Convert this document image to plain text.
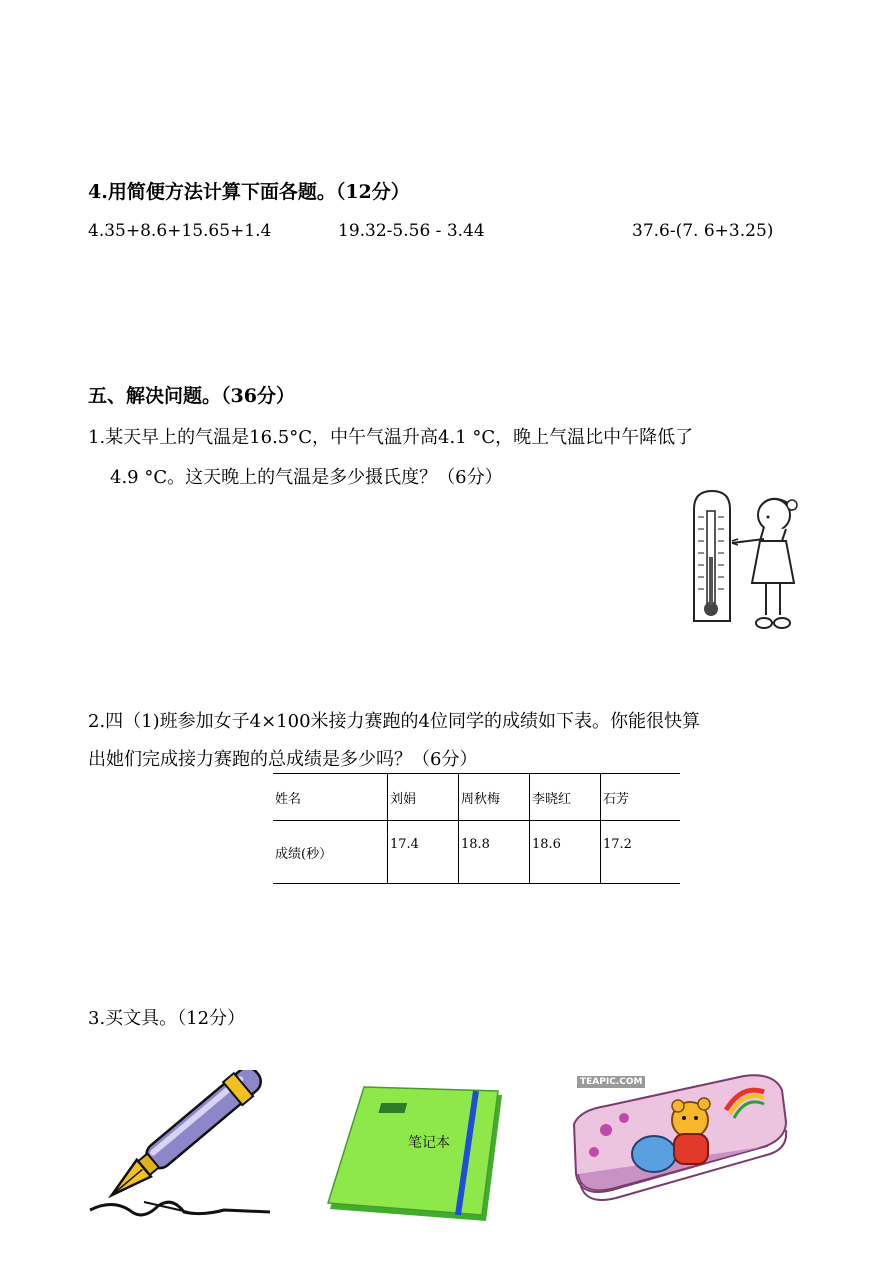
4.用简便方法计算下面各题。（12分）
4.35+8.6+15.65+1.4	19.32-5.56 - 3.44	37.6-(7. 6+3.25)
五、解决问题。（36分）
1.某天早上的气温是16.5°C，中午气温升高4.1 °C，晚上气温比中午降低了
4.9 °C。这天晚上的气温是多少摄氏度？（6分）
2.四（1)班参加女子4×100米接力赛跑的4位同学的成绩如下表。你能很快算
出她们完成接力赛跑的总成绩是多少吗？（6分）
姓名	刘娟	周秋梅	李晓红	石芳
成绩(秒）	17.4	18.8	18.6	17.2
3.买文具。（12分）
笔记本
TEAPIC.COM
